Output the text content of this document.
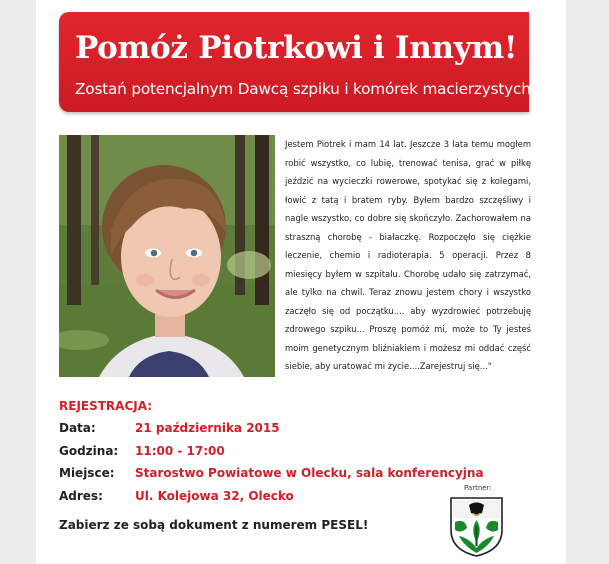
Pomóż Piotrkowi i Innym!
Zostań potencjalnym Dawcą szpiku i komórek macierzystych.
Jestem Piotrek i mam 14 lat. Jeszcze 3 lata temu mogłem robić wszystko, co lubię, trenować tenisa, grać w piłkę jeździć na wycieczki rowerowe, spotykać się z kolegami, łowić z tatą i bratem ryby. Byłem bardzo szczęśliwy i nagle wszystko, co dobre się skończyło. Zachorowałem na straszną chorobę - białaczkę. Rozpoczęło się ciężkie leczenie, chemio i radioterapia. 5 operacji. Przez 8 miesięcy byłem w szpitalu. Chorobę udało się zatrzymać, ale tylko na chwil. Teraz znowu jestem chory i wszystko zaczęło się od początku.... aby wyzdrowieć potrzebuję zdrowego szpiku... Proszę pomóż mi, może to Ty jesteś moim genetycznym bliźniakiem i możesz mi oddać część siebie, aby uratować mi życie....Zarejestruj się..."
REJESTRACJA:
Data:	21 października 2015
Godzina: 11:00 - 17:00
Miejsce: Starostwo Powiatowe w Olecku, sala konferencyjna
Adres:	Ul. Kolejowa 32, Olecko
Zabierz ze sobą dokument z numerem PESEL!
Partner:
